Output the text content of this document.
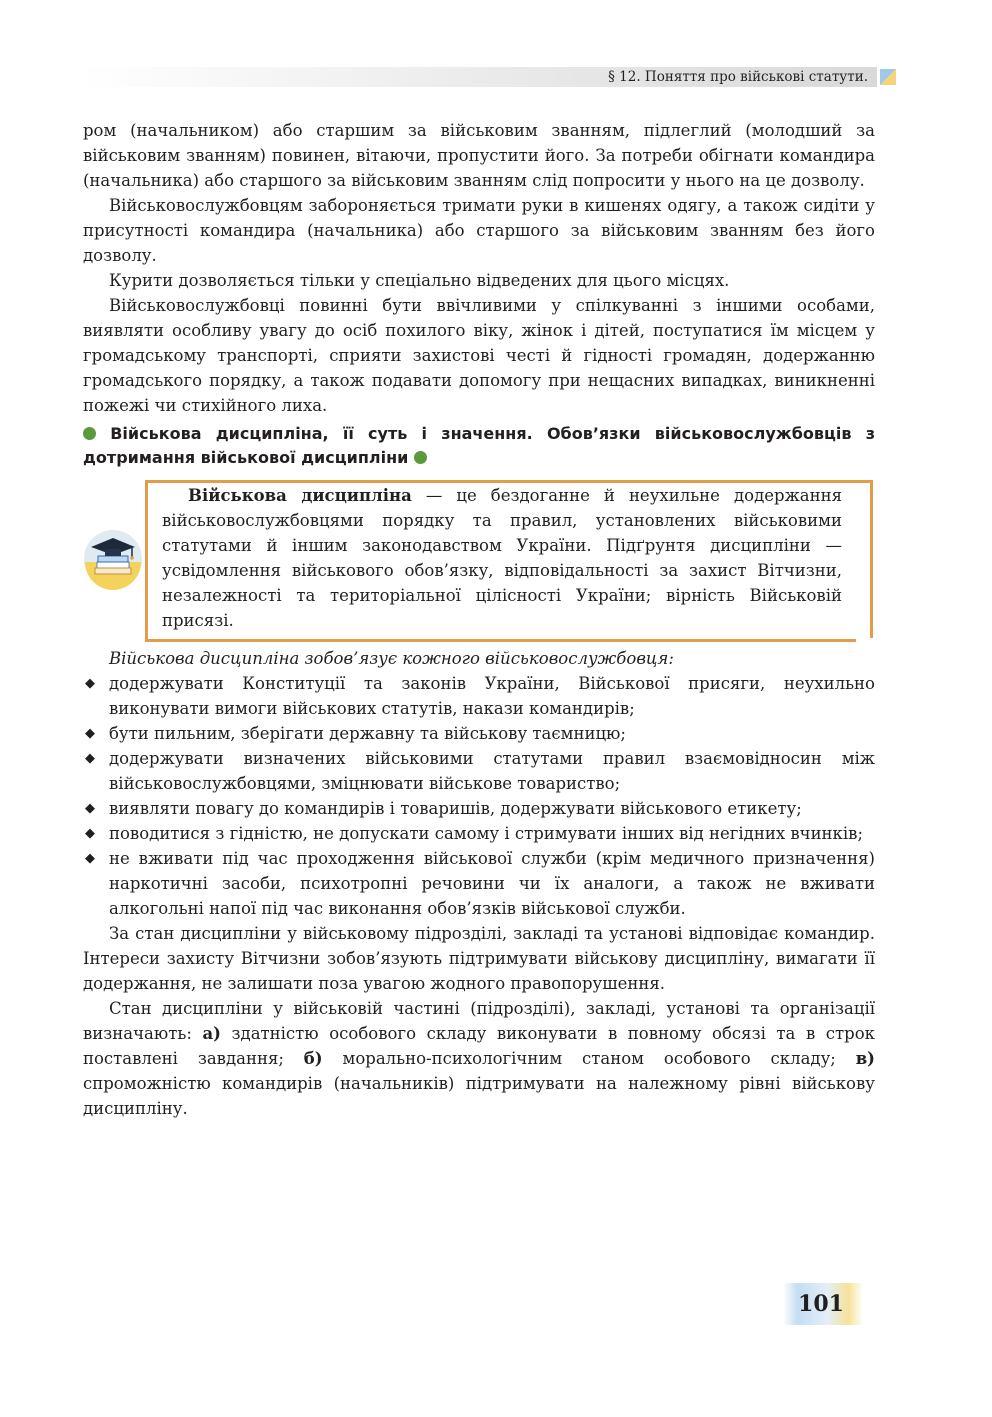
§ 12. Поняття про військові статути.

ром (начальником) або старшим за військовим званням, підлеглий (молодший за військовим званням) повинен, вітаючи, пропустити його. За потреби обігнати командира (начальника) або старшого за військовим званням слід попросити у нього на це дозволу.

Військовослужбовцям забороняється тримати руки в кишенях одягу, а також сидіти у присутності командира (начальника) або старшого за військовим званням без його дозволу.

Курити дозволяється тільки у спеціально відведених для цього місцях.

Військовослужбовці повинні бути ввічливими у спілкуванні з іншими особами, виявляти особливу увагу до осіб похилого віку, жінок і дітей, поступатися їм місцем у громадському транспорті, сприяти захистові честі й гідності громадян, додержанню громадського порядку, а також подавати допомогу при нещасних випадках, виникненні пожежі чи стихійного лиха.

Військова дисципліна, її суть і значення. Обов’язки військовослужбовців з дотримання військової дисципліни

Військова дисципліна — це бездоганне й неухильне додержання військовослужбовцями порядку та правил, установлених військовими статутами й іншим законодавством України. Підґрунтя дисципліни — усвідомлення військового обов’язку, відповідальності за захист Вітчизни, незалежності та територіальної цілісності України; вірність Військовій присязі.

Військова дисципліна зобов’язує кожного військовослужбовця:

◆ додержувати Конституції та законів України, Військової присяги, неухильно виконувати вимоги військових статутів, накази командирів;
◆ бути пильним, зберігати державну та військову таємницю;
◆ додержувати визначених військовими статутами правил взаємовідносин між військовослужбовцями, зміцнювати військове товариство;
◆ виявляти повагу до командирів і товаришів, додержувати військового етикету;
◆ поводитися з гідністю, не допускати самому і стримувати інших від негідних вчинків;
◆ не вживати під час проходження військової служби (крім медичного призначення) наркотичні засоби, психотропні речовини чи їх аналоги, а також не вживати алкогольні напої під час виконання обов’язків військової служби.

За стан дисципліни у військовому підрозділі, закладі та установі відповідає командир. Інтереси захисту Вітчизни зобов’язують підтримувати військову дисципліну, вимагати її додержання, не залишати поза увагою жодного правопорушення.

Стан дисципліни у військовій частині (підрозділі), закладі, установі та організації визначають: а) здатністю особового складу виконувати в повному обсязі та в строк поставлені завдання; б) морально-психологічним станом особового складу; в) спроможністю командирів (начальників) підтримувати на належному рівні військову дисципліну.

101
